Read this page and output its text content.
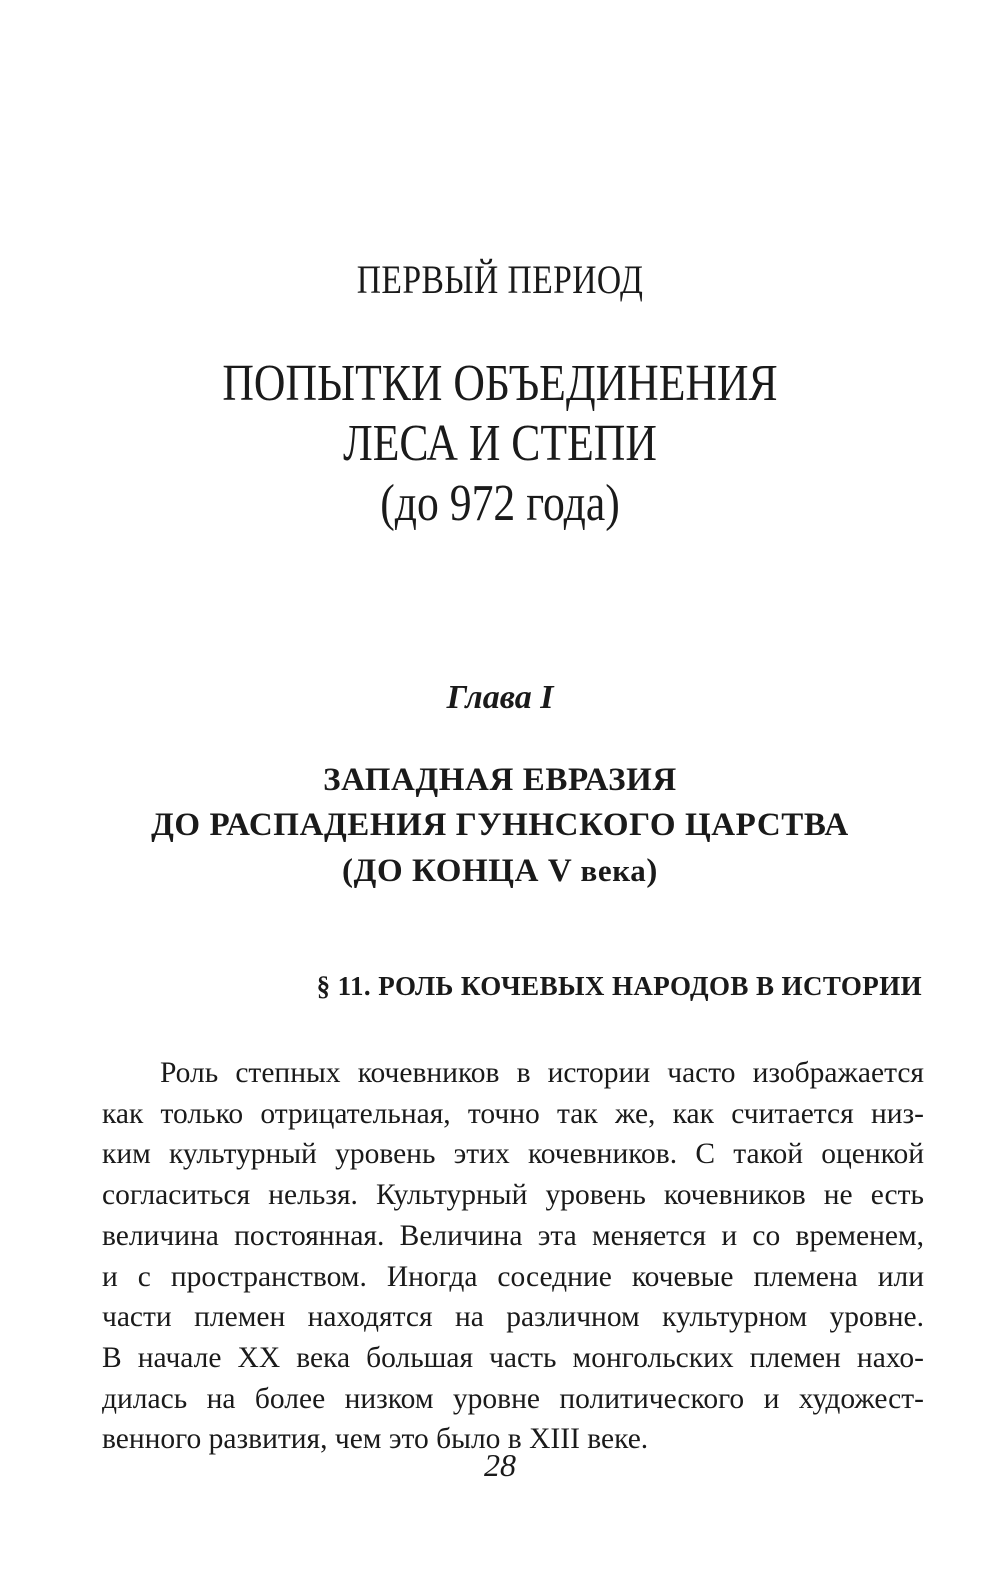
ПЕРВЫЙ ПЕРИОД
ПОПЫТКИ ОБЪЕДИНЕНИЯ
ЛЕСА И СТЕПИ
(до 972 года)
Глава I
ЗАПАДНАЯ ЕВРАЗИЯ
ДО РАСПАДЕНИЯ ГУННСКОГО ЦАРСТВА
(ДО КОНЦА V века)
§ 11. РОЛЬ КОЧЕВЫХ НАРОДОВ В ИСТОРИИ
Роль степных кочевников в истории часто изображается
как только отрицательная, точно так же, как считается низ-
ким культурный уровень этих кочевников. С такой оценкой
согласиться нельзя. Культурный уровень кочевников не есть
величина постоянная. Величина эта меняется и со временем,
и с пространством. Иногда соседние кочевые племена или
части племен находятся на различном культурном уровне.
В начале XX века большая часть монгольских племен нахо-
дилась на более низком уровне политического и художест-
венного развития, чем это было в XIII веке.
28
